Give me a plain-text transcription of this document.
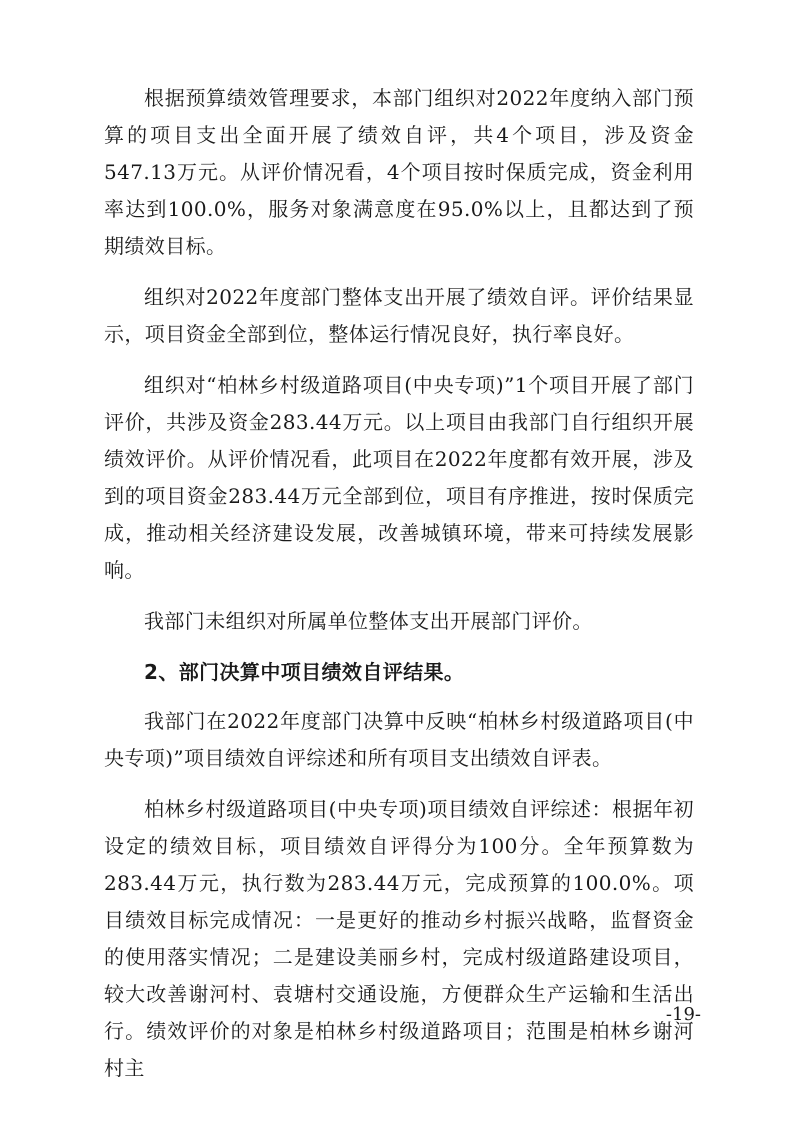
根据预算绩效管理要求，本部门组织对2022年度纳入部门预算的项目支出全面开展了绩效自评，共4个项目，涉及资金547.13万元。从评价情况看，4个项目按时保质完成，资金利用率达到100.0%，服务对象满意度在95.0%以上，且都达到了预期绩效目标。

组织对2022年度部门整体支出开展了绩效自评。评价结果显示，项目资金全部到位，整体运行情况良好，执行率良好。

组织对“柏林乡村级道路项目(中央专项)”1个项目开展了部门评价，共涉及资金283.44万元。以上项目由我部门自行组织开展绩效评价。从评价情况看，此项目在2022年度都有效开展，涉及到的项目资金283.44万元全部到位，项目有序推进，按时保质完成，推动相关经济建设发展，改善城镇环境，带来可持续发展影响。

我部门未组织对所属单位整体支出开展部门评价。

2、部门决算中项目绩效自评结果。

我部门在2022年度部门决算中反映“柏林乡村级道路项目(中央专项)”项目绩效自评综述和所有项目支出绩效自评表。

柏林乡村级道路项目(中央专项)项目绩效自评综述：根据年初设定的绩效目标，项目绩效自评得分为100分。全年预算数为283.44万元，执行数为283.44万元，完成预算的100.0%。项目绩效目标完成情况：一是更好的推动乡村振兴战略，监督资金的使用落实情况；二是建设美丽乡村，完成村级道路建设项目，较大改善谢河村、袁塘村交通设施，方便群众生产运输和生活出行。绩效评价的对象是柏林乡村级道路项目；范围是柏林乡谢河村主

-19-
